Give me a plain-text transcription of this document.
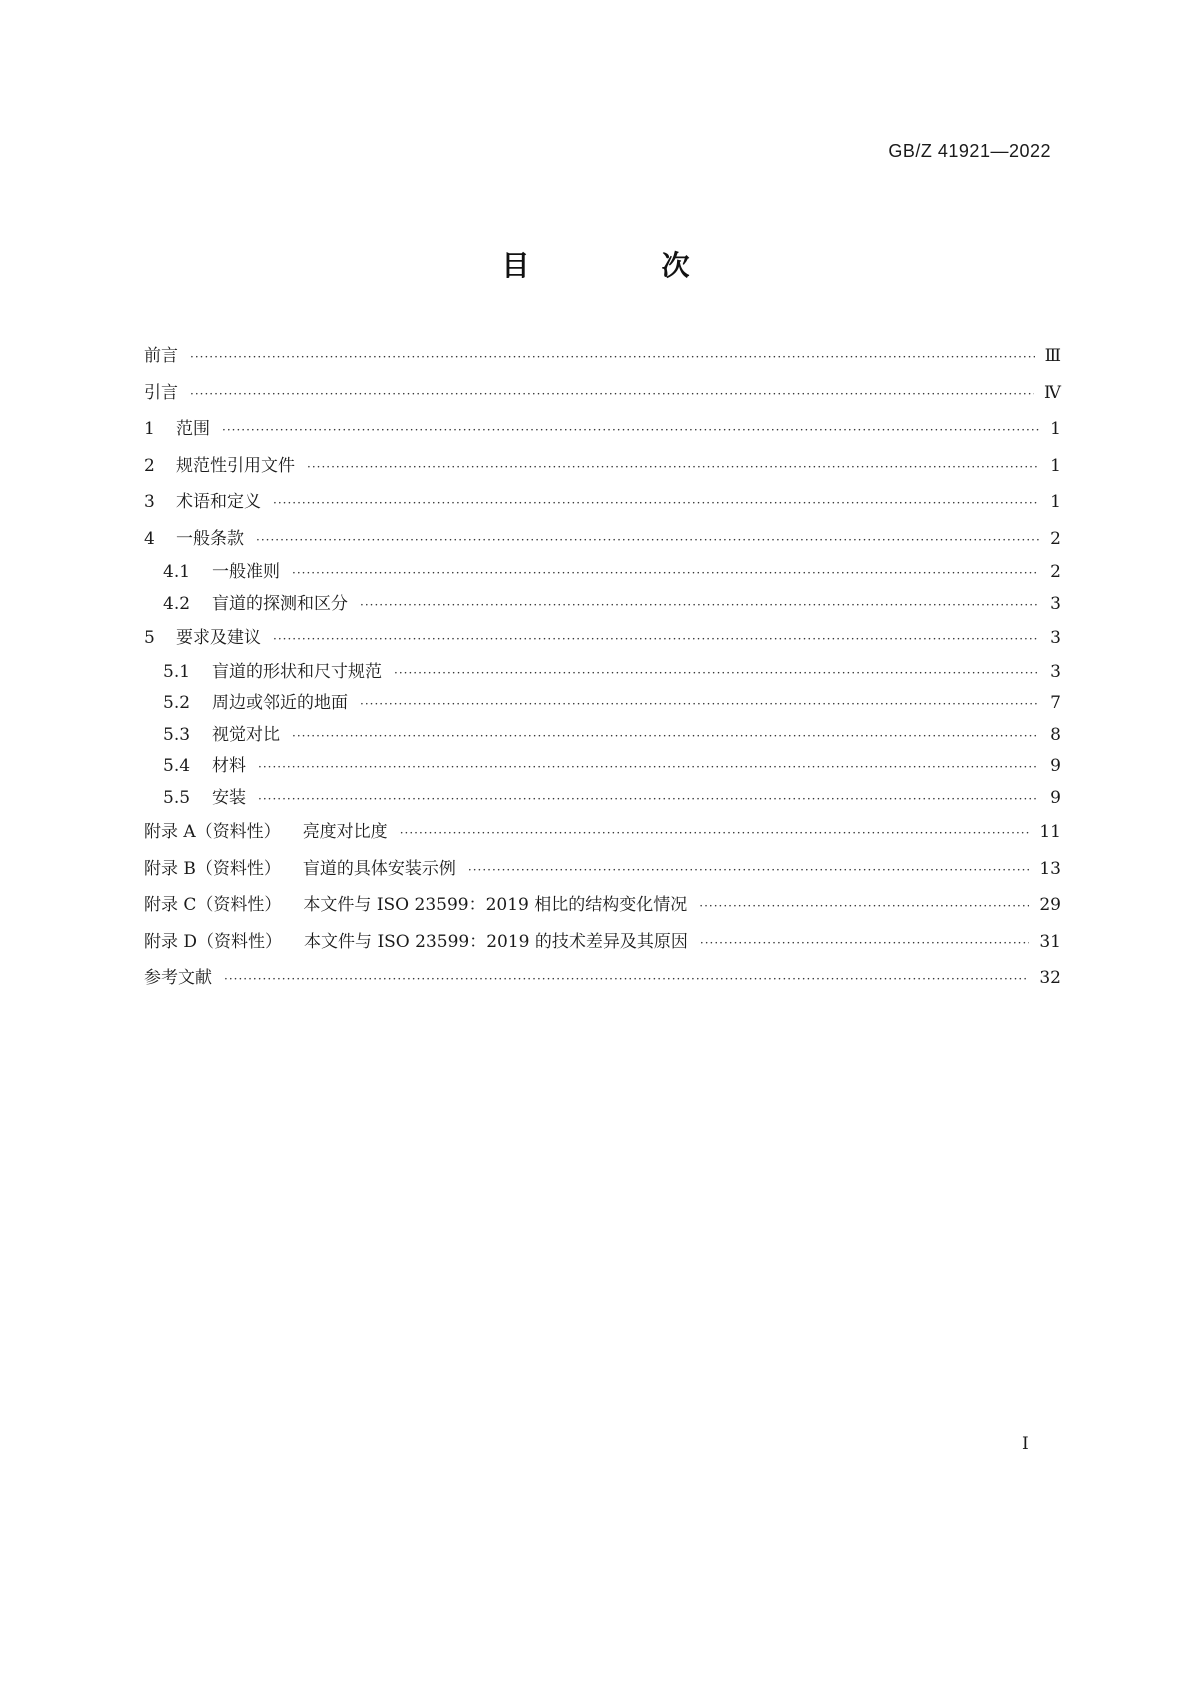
GB/Z 41921—2022
目　次
前言 ·····	Ⅲ
引言 ·····	Ⅳ
1	范围 ·····	1
2	规范性引用文件 ·····	1
3	术语和定义 ·····	1
4	一般条款 ·····	2
4.1	一般准则 ·····	2
4.2	盲道的探测和区分 ·····	3
5	要求及建议 ·····	3
5.1	盲道的形状和尺寸规范 ·····	3
5.2	周边或邻近的地面 ·····	7
5.3	视觉对比 ·····	8
5.4	材料 ·····	9
5.5	安装 ·····	9
附录 A（资料性） 亮度对比度 ·····	11
附录 B（资料性） 盲道的具体安装示例 ·····	13
附录 C（资料性） 本文件与 ISO 23599：2019 相比的结构变化情况 ·····	29
附录 D（资料性） 本文件与 ISO 23599：2019 的技术差异及其原因 ·····	31
参考文献 ·····	32
I
